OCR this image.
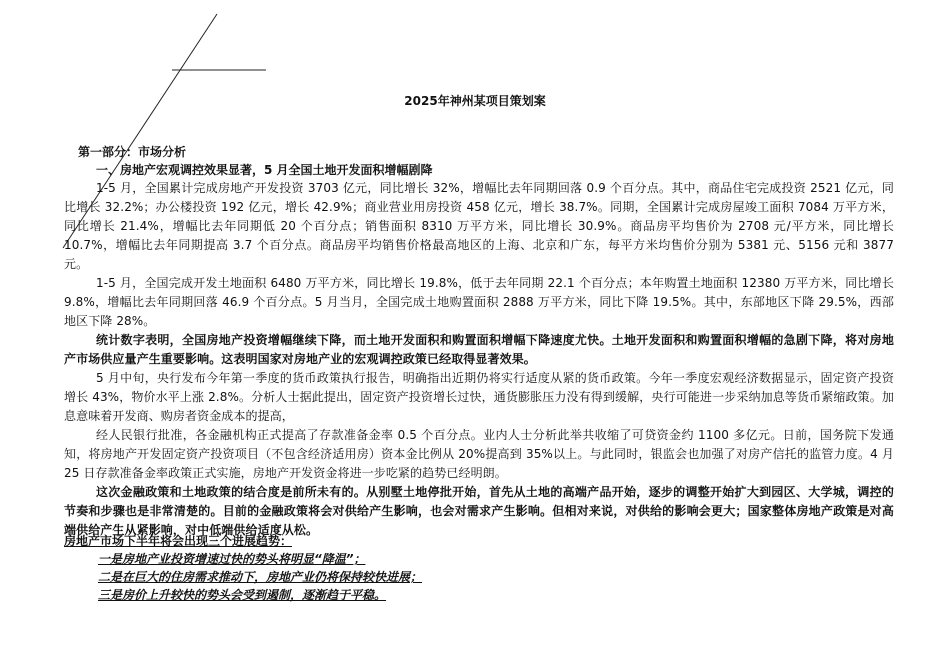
2025年神州某项目策划案
第一部分：市场分析
一、房地产宏观调控效果显著，5 月全国土地开发面积增幅剧降

1-5 月，全国累计完成房地产开发投资 3703 亿元，同比增长 32%，增幅比去年同期回落 0.9 个百分点。其中，商品住宅完成投资 2521 亿元，同比增长 32.2%；办公楼投资 192 亿元，增长 42.9%；商业营业用房投资 458 亿元，增长 38.7%。同期，全国累计完成房屋竣工面积 7084 万平方米，同比增长 21.4%，增幅比去年同期低 20 个百分点；销售面积 8310 万平方米，同比增长 30.9%。商品房平均售价为 2708 元/平方米，同比增长 10.7%，增幅比去年同期提高 3.7 个百分点。商品房平均销售价格最高地区的上海、北京和广东，每平方米均售价分别为 5381 元、5156 元和 3877 元。

1-5 月，全国完成开发土地面积 6480 万平方米，同比增长 19.8%，低于去年同期 22.1 个百分点；本年购置土地面积 12380 万平方米，同比增长 9.8%，增幅比去年同期回落 46.9 个百分点。5 月当月，全国完成土地购置面积 2888 万平方米，同比下降 19.5%。其中，东部地区下降 29.5%，西部地区下降 28%。

统计数字表明，全国房地产投资增幅继续下降，而土地开发面积和购置面积增幅下降速度尤快。土地开发面积和购置面积增幅的急剧下降，将对房地产市场供应量产生重要影响。这表明国家对房地产业的宏观调控政策已经取得显著效果。

5 月中旬，央行发布今年第一季度的货币政策执行报告，明确指出近期仍将实行适度从紧的货币政策。今年一季度宏观经济数据显示，固定资产投资增长 43%，物价水平上涨 2.8%。分析人士据此提出，固定资产投资增长过快，通货膨胀压力没有得到缓解，央行可能进一步采纳加息等货币紧缩政策。加息意味着开发商、购房者资金成本的提高，

经人民银行批准，各金融机构正式提高了存款准备金率 0.5 个百分点。业内人士分析此举共收缩了可贷资金约 1100 多亿元。日前，国务院下发通知，将房地产开发固定资产投资项目（不包含经济适用房）资本金比例从 20%提高到 35%以上。与此同时，银监会也加强了对房产信托的监管力度。4 月 25 日存款准备金率政策正式实施，房地产开发资金将进一步吃紧的趋势已经明朗。

这次金融政策和土地政策的结合度是前所未有的。从别墅土地停批开始，首先从土地的高端产品开始，逐步的调整开始扩大到园区、大学城，调控的节奏和步骤也是非常清楚的。目前的金融政策将会对供给产生影响，也会对需求产生影响。但相对来说，对供给的影响会更大；国家整体房地产政策是对高端供给产生从紧影响，对中低端供给适度从松。

房地产市场下半年将会出现三个进展趋势：
一是房地产业投资增速过快的势头将明显“降温”；
二是在巨大的住房需求推动下，房地产业仍将保持较快进展；
三是房价上升较快的势头会受到遏制，逐渐趋于平稳。
